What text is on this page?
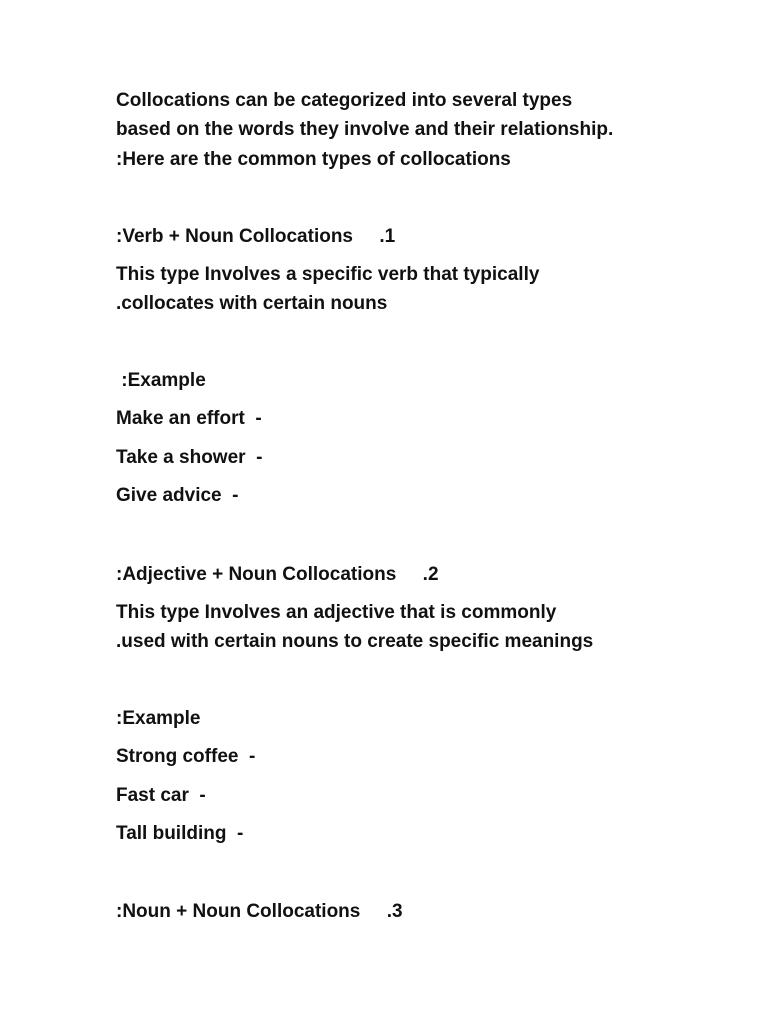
Collocations can be categorized into several types
based on the words they involve and their relationship.
:Here are the common types of collocations
:Verb + Noun Collocations     .1
This type Involves a specific verb that typically
.collocates with certain nouns
:Example
Make an effort  -
Take a shower  -
Give advice  -
:Adjective + Noun Collocations     .2
This type Involves an adjective that is commonly
.used with certain nouns to create specific meanings
:Example
Strong coffee  -
Fast car  -
Tall building  -
:Noun + Noun Collocations     .3
